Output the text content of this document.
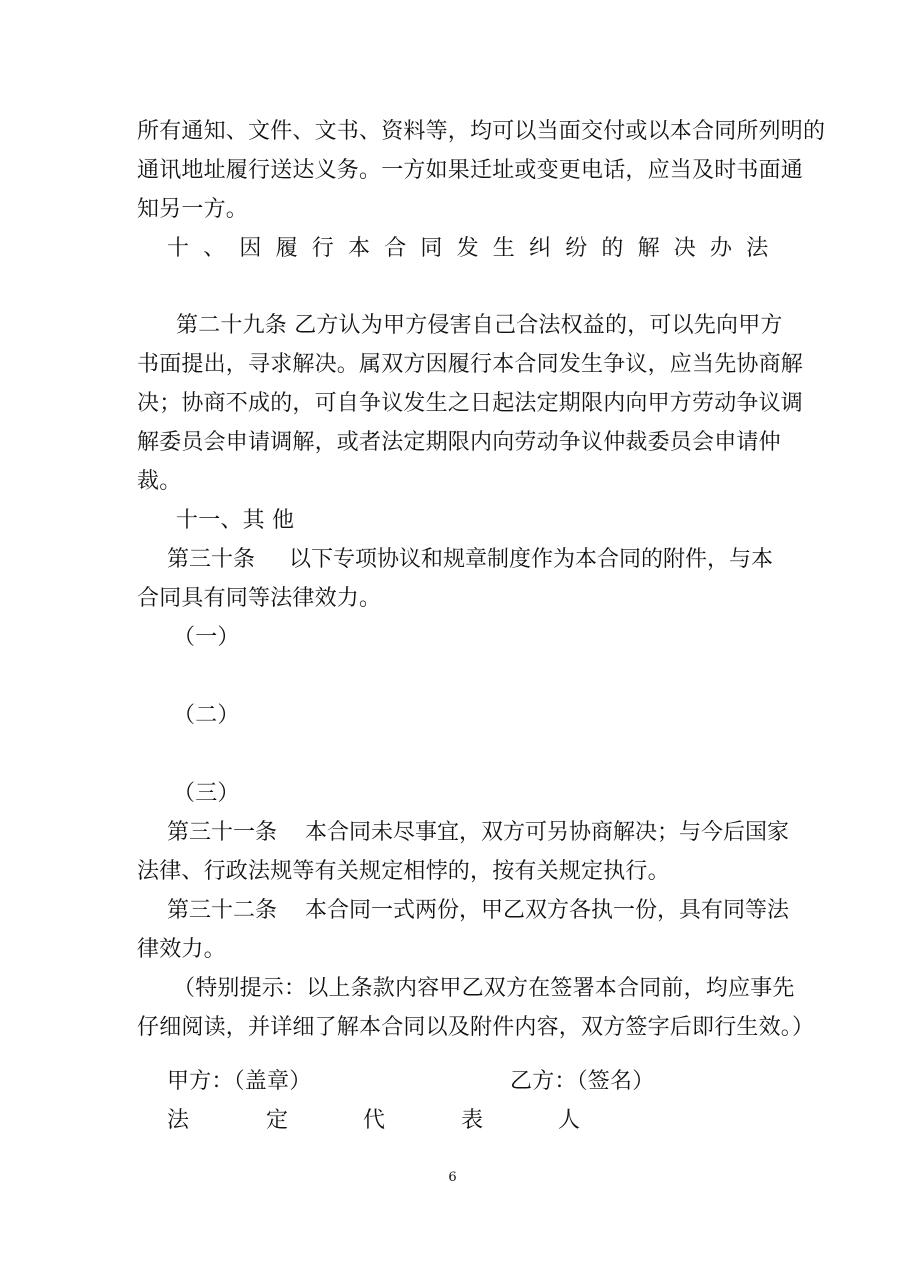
所有通知、文件、文书、资料等，均可以当面交付或以本合同所列明的
通讯地址履行送达义务。一方如果迁址或变更电话，应当及时书面通
知另一方。
十、因履行本合同发生纠纷的解决办法
第二十九条 乙方认为甲方侵害自己合法权益的，可以先向甲方
书面提出，寻求解决。属双方因履行本合同发生争议，应当先协商解
决；协商不成的，可自争议发生之日起法定期限内向甲方劳动争议调
解委员会申请调解，或者法定期限内向劳动争议仲裁委员会申请仲
裁。
十一、其 他
第三十条 以下专项协议和规章制度作为本合同的附件，与本
合同具有同等法律效力。
（一）
（二）
（三）
第三十一条 本合同未尽事宜，双方可另协商解决；与今后国家
法律、行政法规等有关规定相悖的，按有关规定执行。
第三十二条 本合同一式两份，甲乙双方各执一份，具有同等法
律效力。
（特别提示：以上条款内容甲乙双方在签署本合同前，均应事先
仔细阅读，并详细了解本合同以及附件内容，双方签字后即行生效。）
甲方：（盖章）	乙方：（签名）
法	定	代	表	人
6
